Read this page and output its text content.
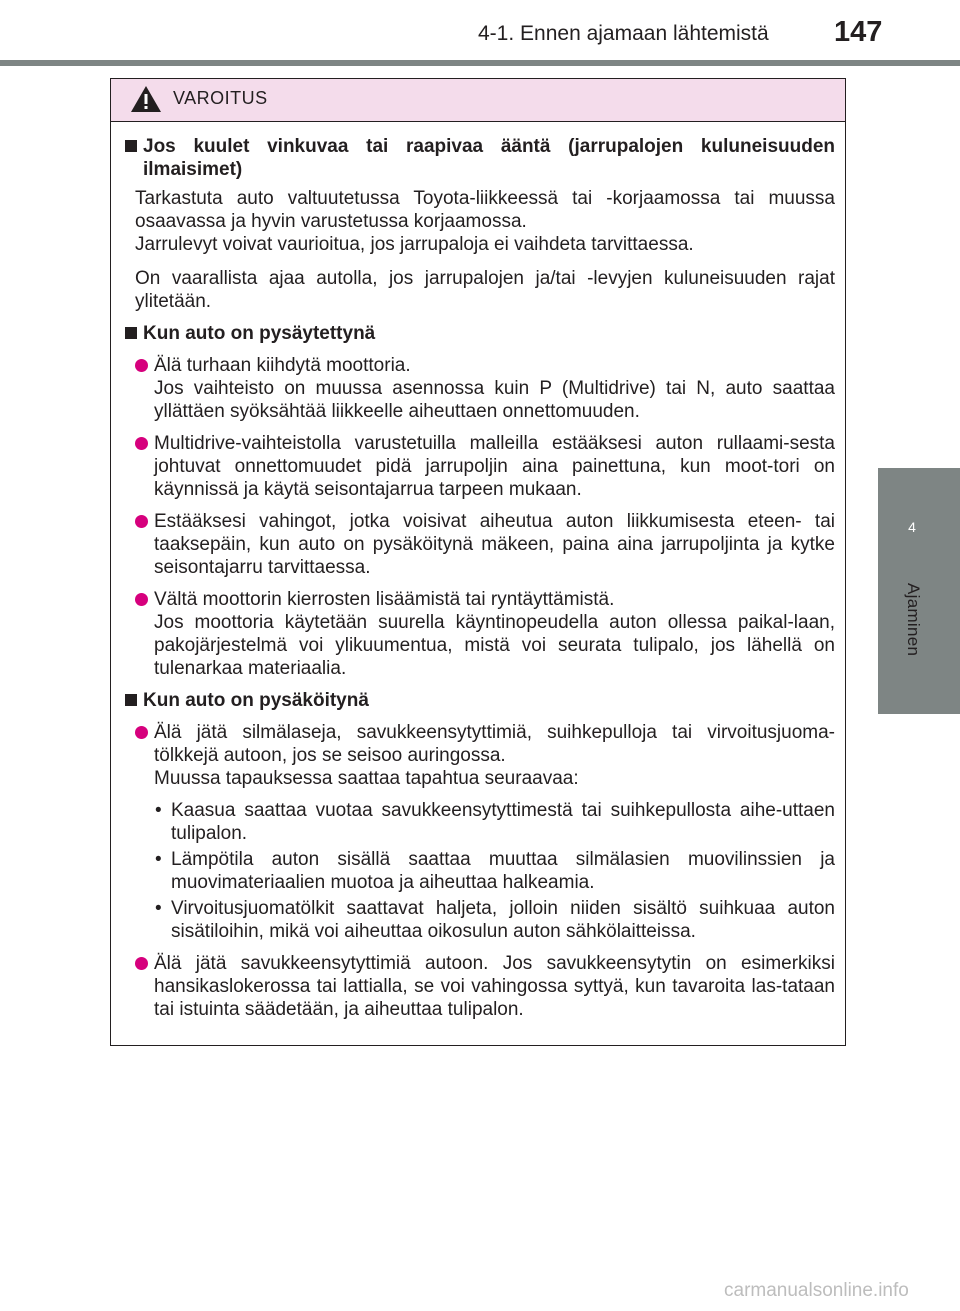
4-1. Ennen ajamaan lähtemistä 147
4
Ajaminen
VAROITUS
Jos kuulet vinkuvaa tai raapivaa ääntä (jarrupalojen kuluneisuuden ilmaisimet)
Tarkastuta auto valtuutetussa Toyota-liikkeessä tai -korjaamossa tai muussa osaavassa ja hyvin varustetussa korjaamossa.
Jarrulevyt voivat vaurioitua, jos jarrupaloja ei vaihdeta tarvittaessa.
On vaarallista ajaa autolla, jos jarrupalojen ja/tai -levyjen kuluneisuuden rajat ylitetään.
Kun auto on pysäytettynä
Älä turhaan kiihdytä moottoria.
Jos vaihteisto on muussa asennossa kuin P (Multidrive) tai N, auto saattaa yllättäen syöksähtää liikkeelle aiheuttaen onnettomuuden.
Multidrive-vaihteistolla varustetuilla malleilla estääksesi auton rullaami-sesta johtuvat onnettomuudet pidä jarrupoljin aina painettuna, kun moot-tori on käynnissä ja käytä seisontajarrua tarpeen mukaan.
Estääksesi vahingot, jotka voisivat aiheutua auton liikkumisesta eteen- tai taaksepäin, kun auto on pysäköitynä mäkeen, paina aina jarrupoljinta ja kytke seisontajarru tarvittaessa.
Vältä moottorin kierrosten lisäämistä tai ryntäyttämistä.
Jos moottoria käytetään suurella käyntinopeudella auton ollessa paikal-laan, pakojärjestelmä voi ylikuumentua, mistä voi seurata tulipalo, jos lähellä on tulenarkaa materiaalia.
Kun auto on pysäköitynä
Älä jätä silmälaseja, savukkeensytyttimiä, suihkepulloja tai virvoitusjuoma-tölkkejä autoon, jos se seisoo auringossa.
Muussa tapauksessa saattaa tapahtua seuraavaa:
• Kaasua saattaa vuotaa savukkeensytyttimestä tai suihkepullosta aihe-uttaen tulipalon.
• Lämpötila auton sisällä saattaa muuttaa silmälasien muovilinssien ja muovimateriaalien muotoa ja aiheuttaa halkeamia.
• Virvoitusjuomatölkit saattavat haljeta, jolloin niiden sisältö suihkuaa auton sisätiloihin, mikä voi aiheuttaa oikosulun auton sähkölaitteissa.
Älä jätä savukkeensytyttimiä autoon. Jos savukkeensytytin on esimerkiksi hansikaslokerossa tai lattialla, se voi vahingossa syttyä, kun tavaroita las-tataan tai istuinta säädetään, ja aiheuttaa tulipalon.
carmanualsonline.info
